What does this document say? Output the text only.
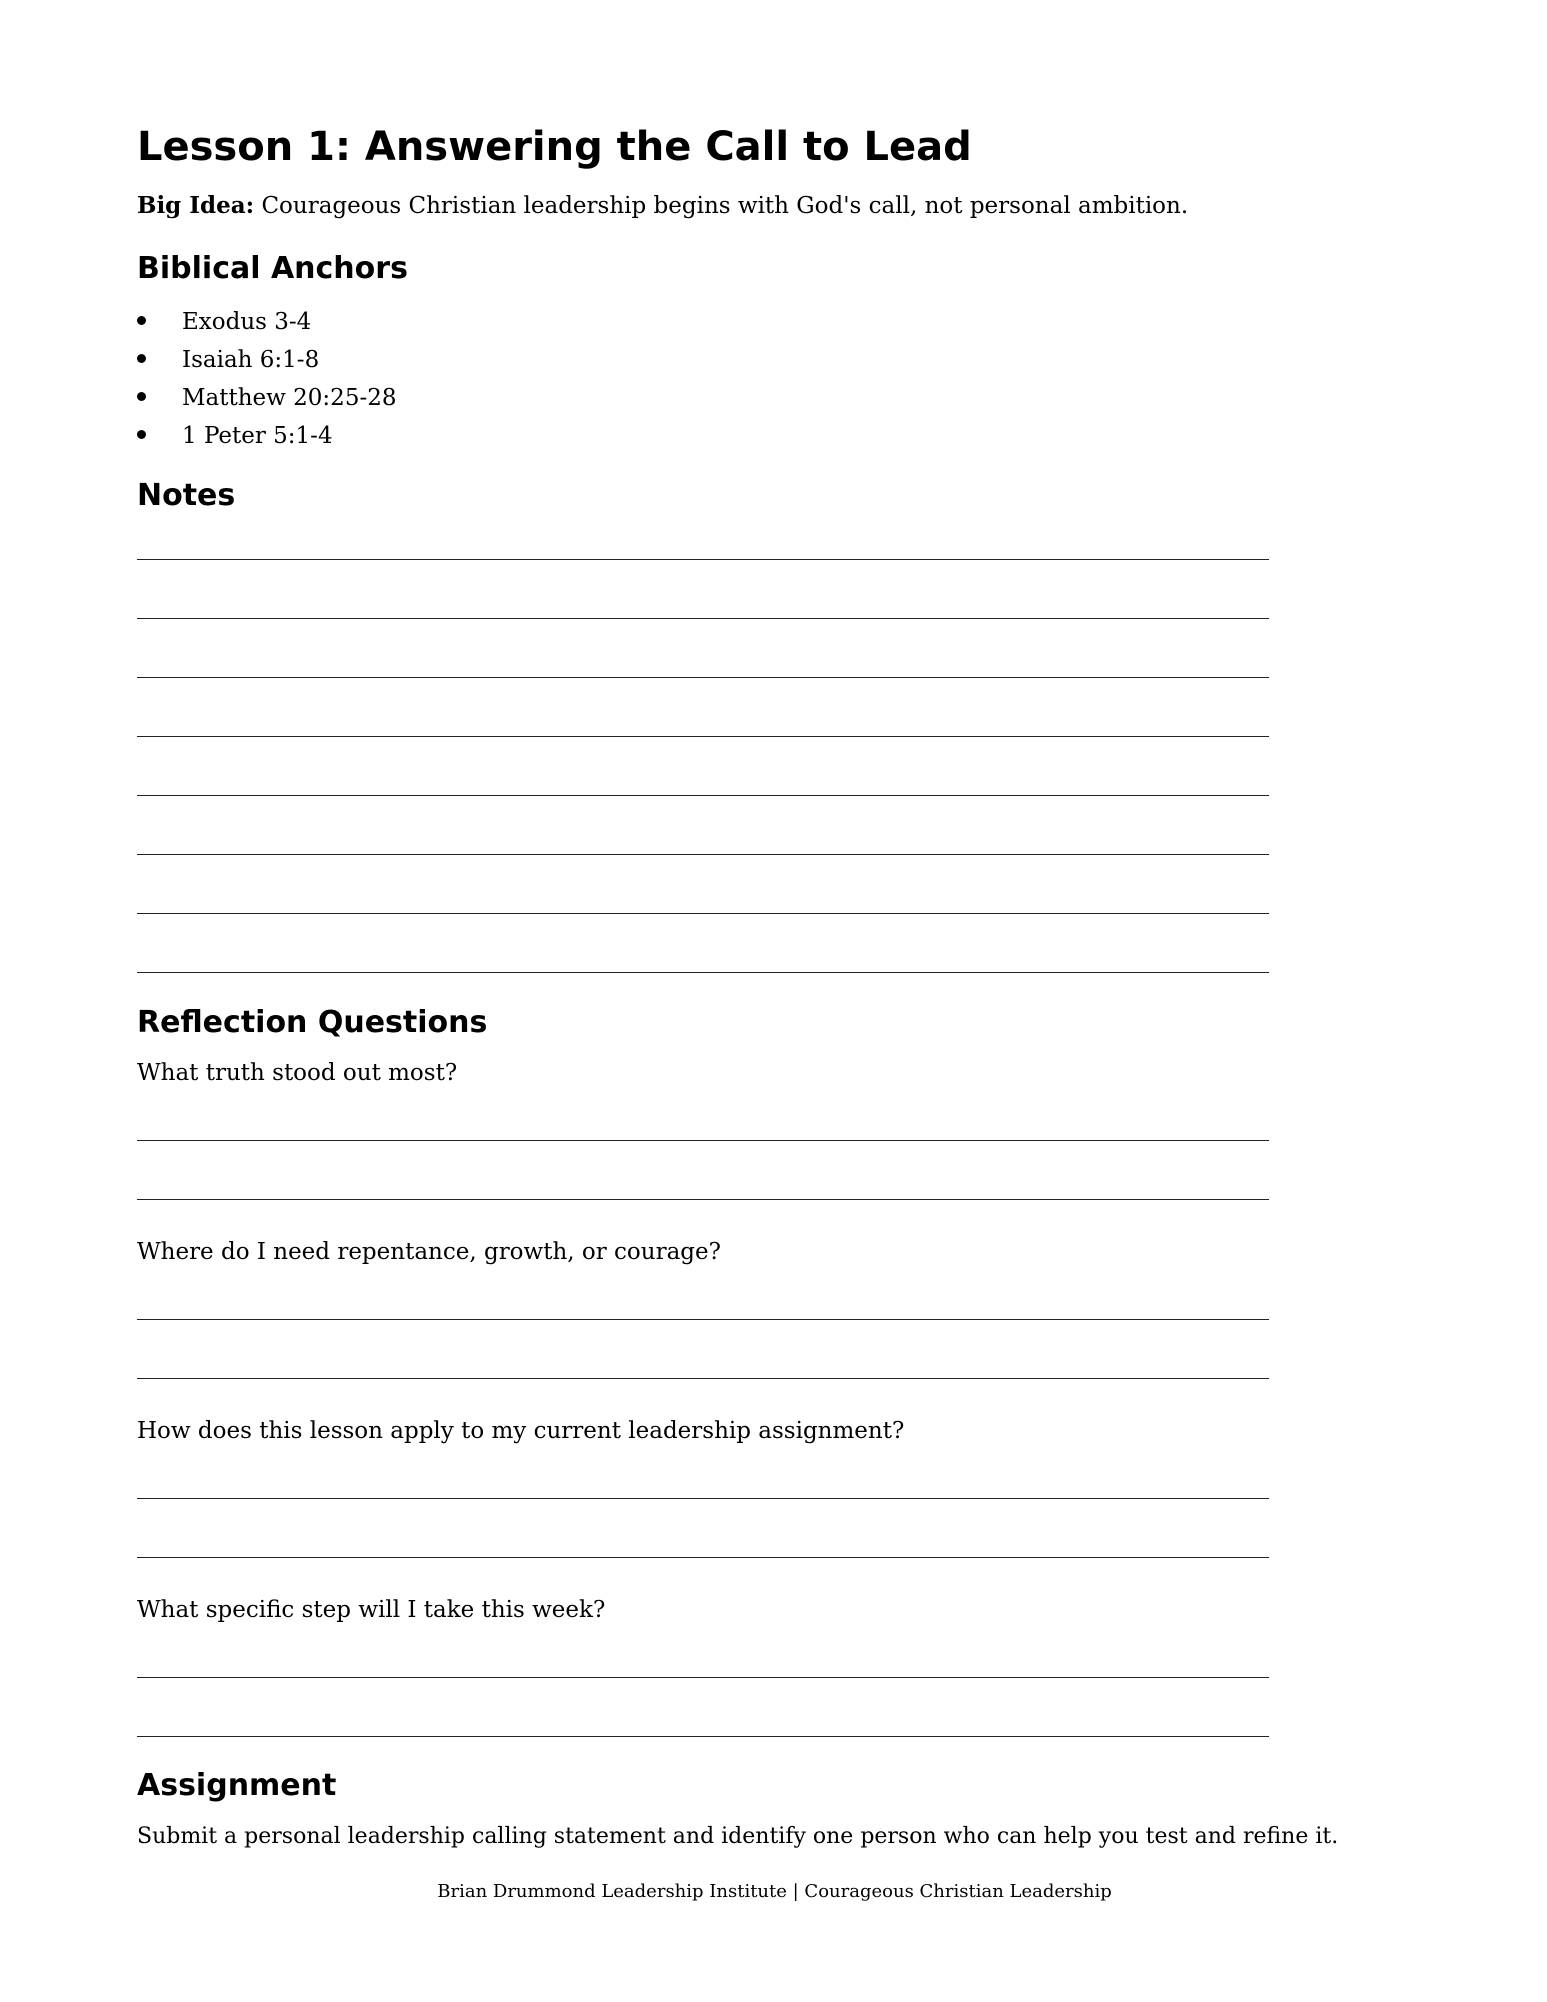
Lesson 1: Answering the Call to Lead
Big Idea: Courageous Christian leadership begins with God's call, not personal ambition.
Biblical Anchors
Exodus 3-4
Isaiah 6:1-8
Matthew 20:25-28
1 Peter 5:1-4
Notes
Reflection Questions
What truth stood out most?
Where do I need repentance, growth, or courage?
How does this lesson apply to my current leadership assignment?
What specific step will I take this week?
Assignment
Submit a personal leadership calling statement and identify one person who can help you test and refine it.
Brian Drummond Leadership Institute | Courageous Christian Leadership
